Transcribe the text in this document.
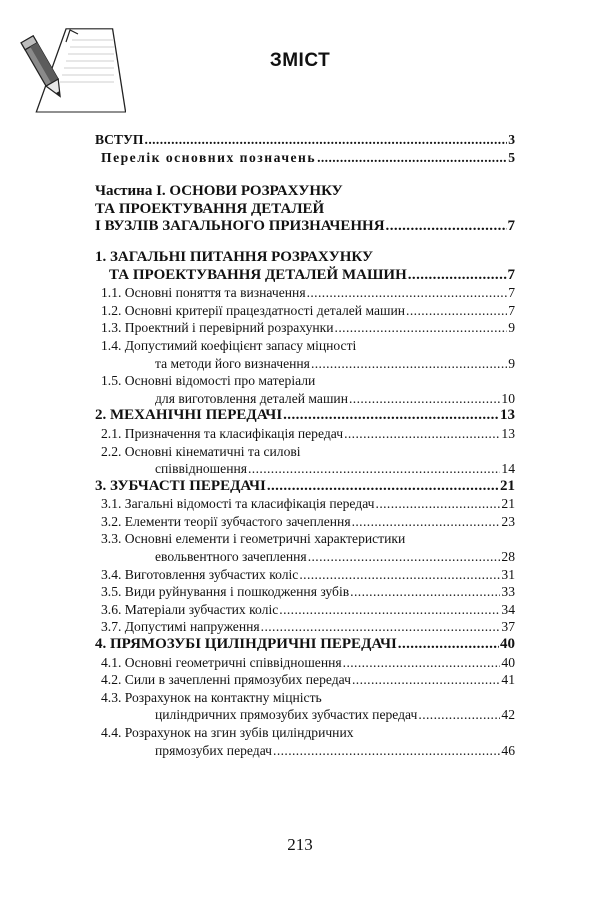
ЗМІСТ
ВСТУП .....	3
Перелік основних позначень .....	5
Частина I. ОСНОВИ РОЗРАХУНКУ
ТА ПРОЕКТУВАННЯ ДЕТАЛЕЙ
І ВУЗЛІВ ЗАГАЛЬНОГО ПРИЗНАЧЕННЯ .....	7
1. ЗАГАЛЬНІ ПИТАННЯ РОЗРАХУНКУ
ТА ПРОЕКТУВАННЯ ДЕТАЛЕЙ МАШИН .....	7
1.1. Основні поняття та визначення .....	7
1.2. Основні критерії працездатності деталей машин .....	7
1.3. Проектний і перевірний розрахунки .....	9
1.4. Допустимий коефіцієнт запасу міцності
та методи його визначення .....	9
1.5. Основні відомості про матеріали
для виготовлення деталей машин .....	10
2. МЕХАНІЧНІ ПЕРЕДАЧІ .....	13
2.1. Призначення та класифікація передач .....	13
2.2. Основні кінематичні та силові
співвідношення .....	14
3. ЗУБЧАСТІ ПЕРЕДАЧІ .....	21
3.1. Загальні відомості та класифікація передач .....	21
3.2. Елементи теорії зубчастого зачеплення .....	23
3.3. Основні елементи і геометричні характеристики
евольвентного зачеплення .....	28
3.4. Виготовлення зубчастих коліс .....	31
3.5. Види руйнування і пошкодження зубів .....	33
3.6. Матеріали зубчастих коліс .....	34
3.7. Допустимі напруження .....	37
4. ПРЯМОЗУБІ ЦИЛІНДРИЧНІ ПЕРЕДАЧІ .....	40
4.1. Основні геометричні співвідношення .....	40
4.2. Сили в зачепленні прямозубих передач .....	41
4.3. Розрахунок на контактну міцність
циліндричних прямозубих зубчастих передач .....	42
4.4. Розрахунок на згин зубів циліндричних
прямозубих передач .....	46
213
